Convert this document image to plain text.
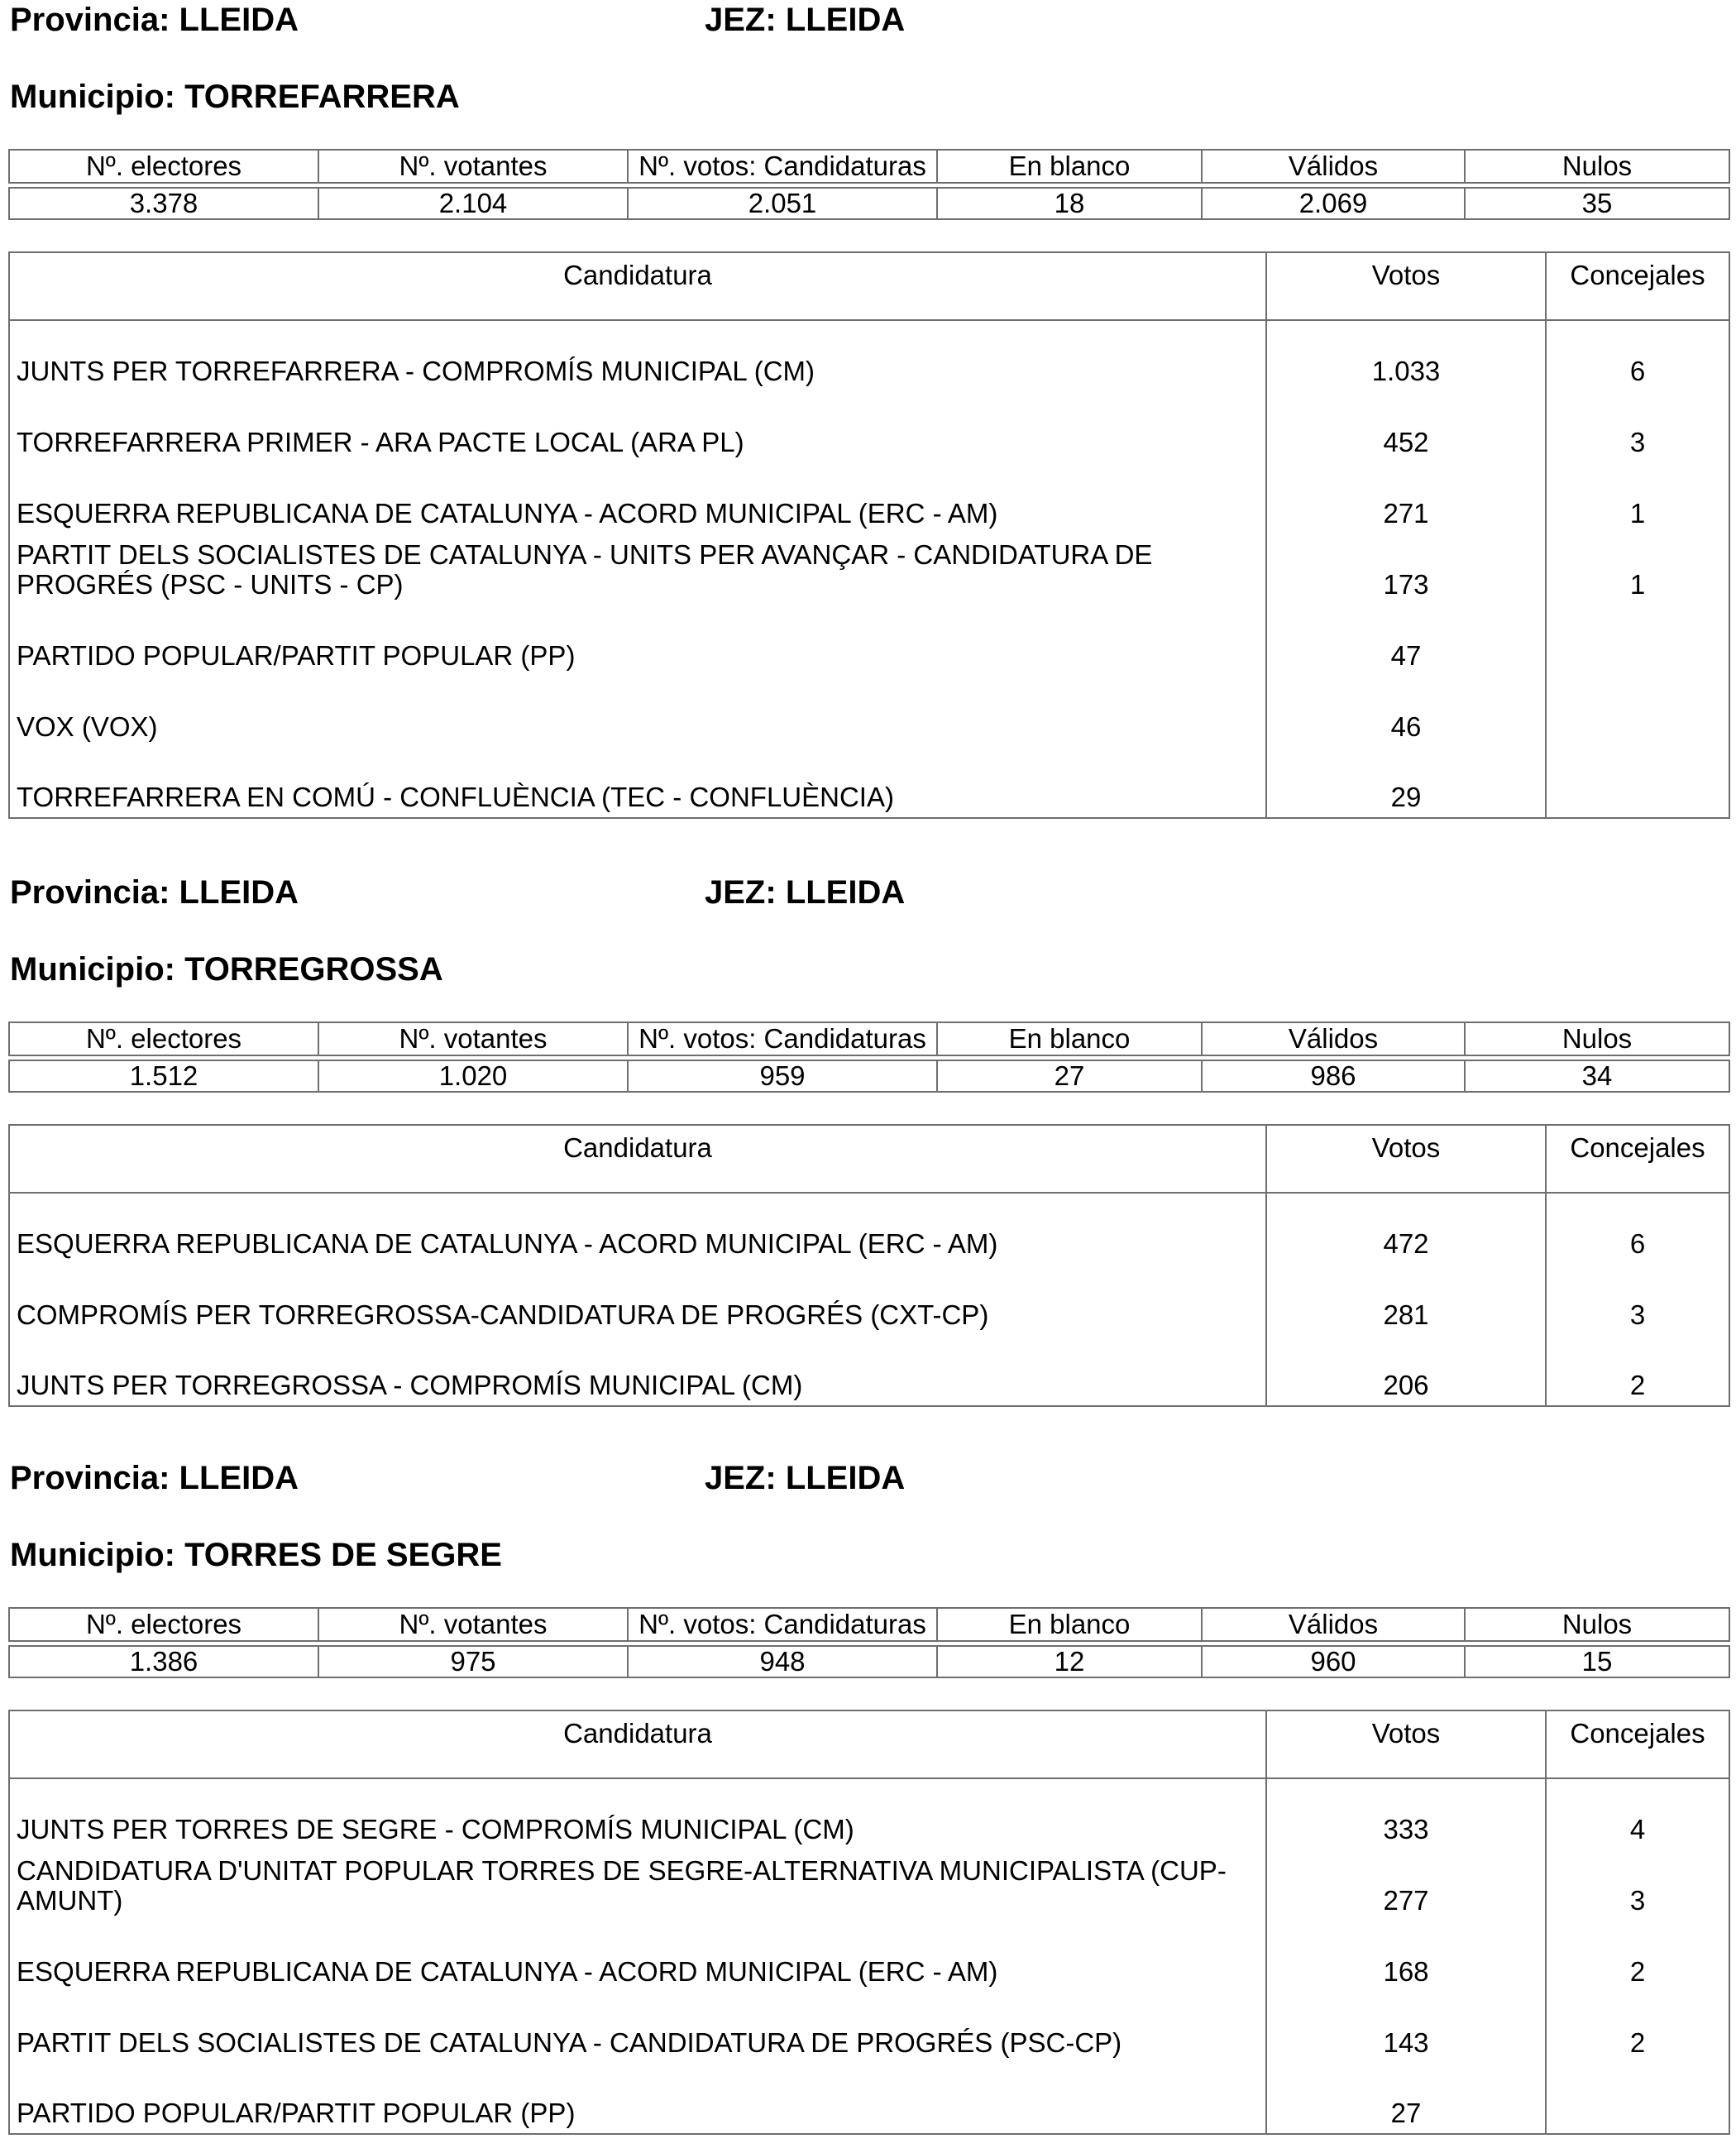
Provincia: LLEIDA	JEZ: LLEIDA
Municipio: TORREFARRERA
Nº. electores	Nº. votantes	Nº. votos: Candidaturas	En blanco	Válidos	Nulos

3.378	2.104	2.051	18	2.069	35
Candidatura	Votos	Concejales
JUNTS PER TORREFARRERA - COMPROMÍS MUNICIPAL (CM)	1.033	6
TORREFARRERA PRIMER - ARA PACTE LOCAL (ARA PL)	452	3
ESQUERRA REPUBLICANA DE CATALUNYA - ACORD MUNICIPAL (ERC - AM)	271	1
PARTIT DELS SOCIALISTES DE CATALUNYA - UNITS PER AVANÇAR - CANDIDATURA DE PROGRÉS (PSC - UNITS - CP)	173	1
PARTIDO POPULAR/PARTIT POPULAR (PP)	47	
VOX (VOX)	46	
TORREFARRERA EN COMÚ - CONFLUÈNCIA (TEC - CONFLUÈNCIA)	29	
Provincia: LLEIDA	JEZ: LLEIDA
Municipio: TORREGROSSA
Nº. electores	Nº. votantes	Nº. votos: Candidaturas	En blanco	Válidos	Nulos

1.512	1.020	959	27	986	34
Candidatura	Votos	Concejales
ESQUERRA REPUBLICANA DE CATALUNYA - ACORD MUNICIPAL (ERC - AM)	472	6
COMPROMÍS PER TORREGROSSA-CANDIDATURA DE PROGRÉS (CXT-CP)	281	3
JUNTS PER TORREGROSSA - COMPROMÍS MUNICIPAL (CM)	206	2
Provincia: LLEIDA	JEZ: LLEIDA
Municipio: TORRES DE SEGRE
Nº. electores	Nº. votantes	Nº. votos: Candidaturas	En blanco	Válidos	Nulos

1.386	975	948	12	960	15
Candidatura	Votos	Concejales
JUNTS PER TORRES DE SEGRE - COMPROMÍS MUNICIPAL (CM)	333	4
CANDIDATURA D'UNITAT POPULAR TORRES DE SEGRE-ALTERNATIVA MUNICIPALISTA (CUP-AMUNT)	277	3
ESQUERRA REPUBLICANA DE CATALUNYA - ACORD MUNICIPAL (ERC - AM)	168	2
PARTIT DELS SOCIALISTES DE CATALUNYA - CANDIDATURA DE PROGRÉS (PSC-CP)	143	2
PARTIDO POPULAR/PARTIT POPULAR (PP)	27	
